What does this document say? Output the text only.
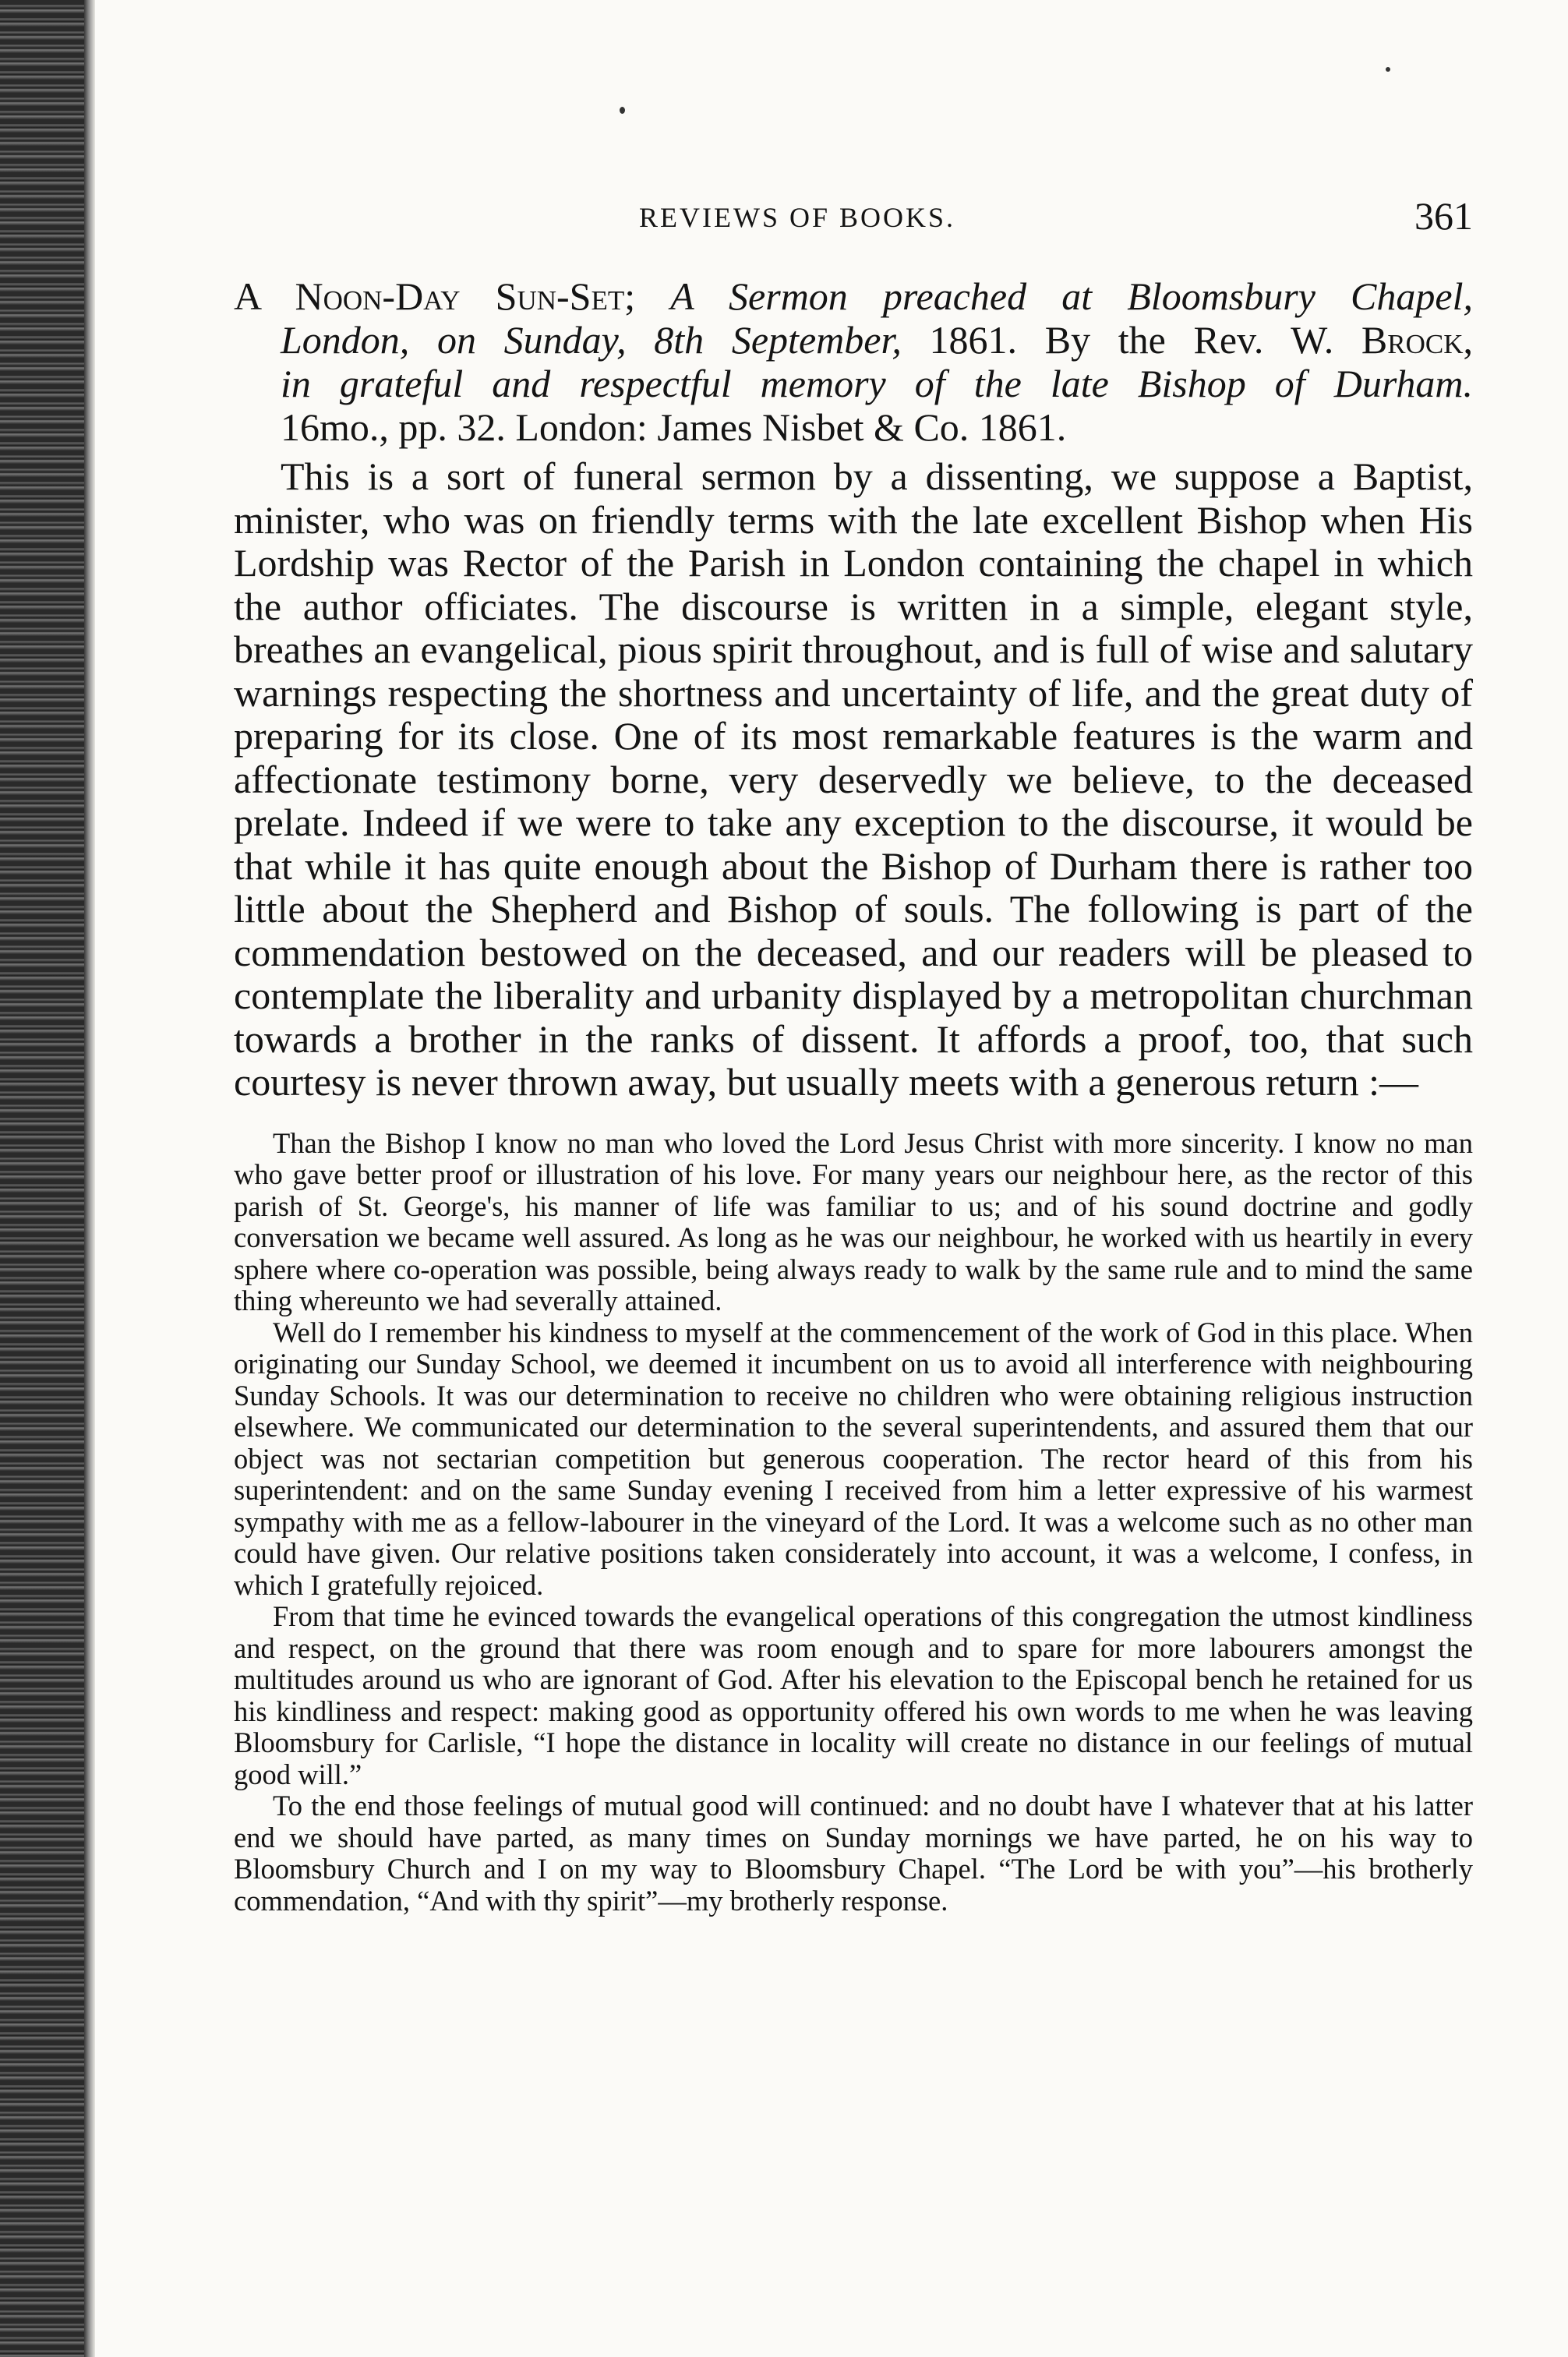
REVIEWS OF BOOKS.	361
A Noon-Day Sun-Set; A Sermon preached at Bloomsbury Chapel,
London, on Sunday, 8th September, 1861. By the Rev. W. Brock,
in grateful and respectful memory of the late Bishop of Durham.
16mo., pp. 32. London: James Nisbet & Co. 1861.

This is a sort of funeral sermon by a dissenting, we suppose a Baptist, minister, who was on friendly terms with the late excellent Bishop when His Lordship was Rector of the Parish in London containing the chapel in which the author officiates. The discourse is written in a simple, elegant style, breathes an evangelical, pious spirit throughout, and is full of wise and salutary warnings respecting the shortness and uncertainty of life, and the great duty of preparing for its close. One of its most remarkable features is the warm and affectionate testimony borne, very deservedly we believe, to the deceased prelate. Indeed if we were to take any exception to the discourse, it would be that while it has quite enough about the Bishop of Durham there is rather too little about the Shepherd and Bishop of souls. The following is part of the commendation bestowed on the deceased, and our readers will be pleased to contemplate the liberality and urbanity displayed by a metropolitan churchman towards a brother in the ranks of dissent. It affords a proof, too, that such courtesy is never thrown away, but usually meets with a generous return :—

Than the Bishop I know no man who loved the Lord Jesus Christ with more sincerity. I know no man who gave better proof or illustration of his love. For many years our neighbour here, as the rector of this parish of St. George's, his manner of life was familiar to us; and of his sound doctrine and godly conversation we became well assured. As long as he was our neighbour, he worked with us heartily in every sphere where co-operation was possible, being always ready to walk by the same rule and to mind the same thing whereunto we had severally attained.

Well do I remember his kindness to myself at the commencement of the work of God in this place. When originating our Sunday School, we deemed it incumbent on us to avoid all interference with neighbouring Sunday Schools. It was our determination to receive no children who were obtaining religious instruction elsewhere. We communicated our determination to the several superintendents, and assured them that our object was not sectarian competition but generous cooperation. The rector heard of this from his superintendent: and on the same Sunday evening I received from him a letter expressive of his warmest sympathy with me as a fellow-labourer in the vineyard of the Lord. It was a welcome such as no other man could have given. Our relative positions taken considerately into account, it was a welcome, I confess, in which I gratefully rejoiced.

From that time he evinced towards the evangelical operations of this congregation the utmost kindliness and respect, on the ground that there was room enough and to spare for more labourers amongst the multitudes around us who are ignorant of God. After his elevation to the Episcopal bench he retained for us his kindliness and respect: making good as opportunity offered his own words to me when he was leaving Bloomsbury for Carlisle, “I hope the distance in locality will create no distance in our feelings of mutual good will.”

To the end those feelings of mutual good will continued: and no doubt have I whatever that at his latter end we should have parted, as many times on Sunday mornings we have parted, he on his way to Bloomsbury Church and I on my way to Bloomsbury Chapel. “The Lord be with you”—his brotherly commendation, “And with thy spirit”—my brotherly response.
